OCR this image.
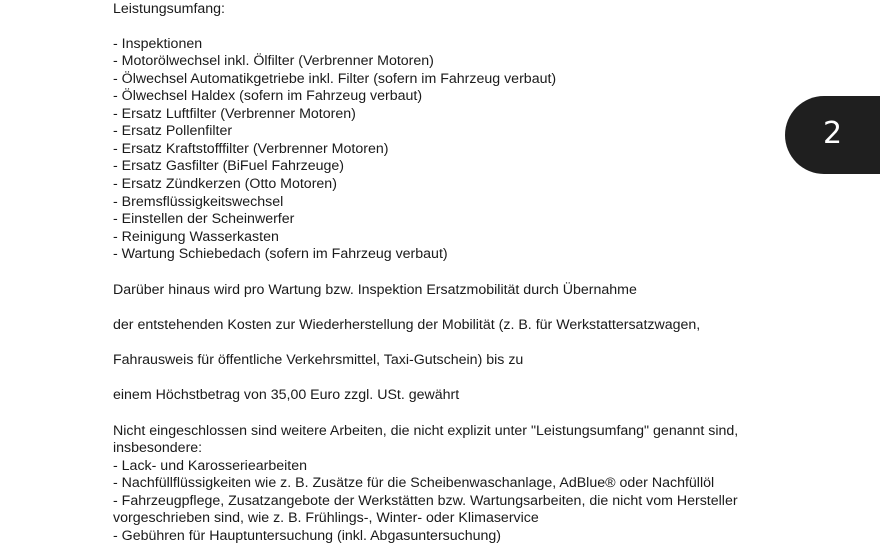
Leistungsumfang:
- Inspektionen
- Motorölwechsel inkl. Ölfilter (Verbrenner Motoren)
- Ölwechsel Automatikgetriebe inkl. Filter (sofern im Fahrzeug verbaut)
- Ölwechsel Haldex (sofern im Fahrzeug verbaut)
- Ersatz Luftfilter (Verbrenner Motoren)
- Ersatz Pollenfilter
- Ersatz Kraftstofffilter (Verbrenner Motoren)
- Ersatz Gasfilter (BiFuel Fahrzeuge)
- Ersatz Zündkerzen (Otto Motoren)
- Bremsflüssigkeitswechsel
- Einstellen der Scheinwerfer
- Reinigung Wasserkasten
- Wartung Schiebedach (sofern im Fahrzeug verbaut)
Darüber hinaus wird pro Wartung bzw. Inspektion Ersatzmobilität durch Übernahme
der entstehenden Kosten zur Wiederherstellung der Mobilität (z. B. für Werkstattersatzwagen,
Fahrausweis für öffentliche Verkehrsmittel, Taxi-Gutschein) bis zu
einem Höchstbetrag von 35,00 Euro zzgl. USt. gewährt
Nicht eingeschlossen sind weitere Arbeiten, die nicht explizit unter "Leistungsumfang" genannt sind,
insbesondere:
- Lack- und Karosseriearbeiten
- Nachfüllflüssigkeiten wie z. B. Zusätze für die Scheibenwaschanlage, AdBlue® oder Nachfüllöl
- Fahrzeugpflege, Zusatzangebote der Werkstätten bzw. Wartungsarbeiten, die nicht vom Hersteller
vorgeschrieben sind, wie z. B. Frühlings-, Winter- oder Klimaservice
- Gebühren für Hauptuntersuchung (inkl. Abgasuntersuchung)
2
